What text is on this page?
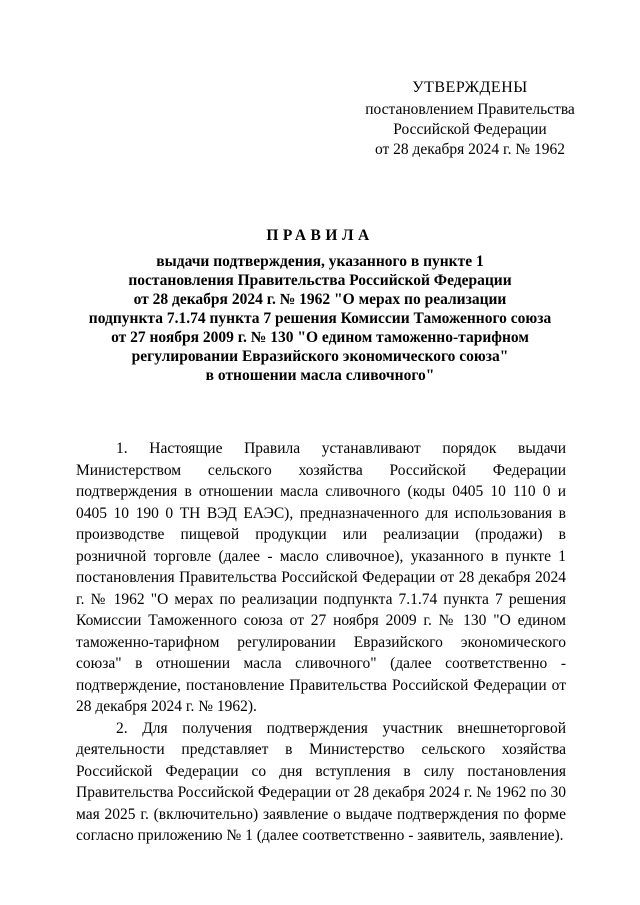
УТВЕРЖДЕНЫ
постановлением Правительства
Российской Федерации
от 28 декабря 2024 г. № 1962
ПРАВИЛА
выдачи подтверждения, указанного в пункте 1
постановления Правительства Российской Федерации
от 28 декабря 2024 г. № 1962 "О мерах по реализации
подпункта 7.1.74 пункта 7 решения Комиссии Таможенного союза
от 27 ноября 2009 г. № 130 "О едином таможенно-тарифном
регулировании Евразийского экономического союза"
в отношении масла сливочного"

1. Настоящие Правила устанавливают порядок выдачи Министерством сельского хозяйства Российской Федерации подтверждения в отношении масла сливочного (коды 0405 10 110 0 и 0405 10 190 0 ТН ВЭД ЕАЭС), предназначенного для использования в производстве пищевой продукции или реализации (продажи) в розничной торговле (далее - масло сливочное), указанного в пункте 1 постановления Правительства Российской Федерации от 28 декабря 2024 г. № 1962 "О мерах по реализации подпункта 7.1.74 пункта 7 решения Комиссии Таможенного союза от 27 ноября 2009 г. № 130 "О едином таможенно-тарифном регулировании Евразийского экономического союза" в отношении масла сливочного" (далее соответственно - подтверждение, постановление Правительства Российской Федерации от 28 декабря 2024 г. № 1962).

2. Для получения подтверждения участник внешнеторговой деятельности представляет в Министерство сельского хозяйства Российской Федерации со дня вступления в силу постановления Правительства Российской Федерации от 28 декабря 2024 г. № 1962 по 30 мая 2025 г. (включительно) заявление о выдаче подтверждения по форме согласно приложению № 1 (далее соответственно - заявитель, заявление).
